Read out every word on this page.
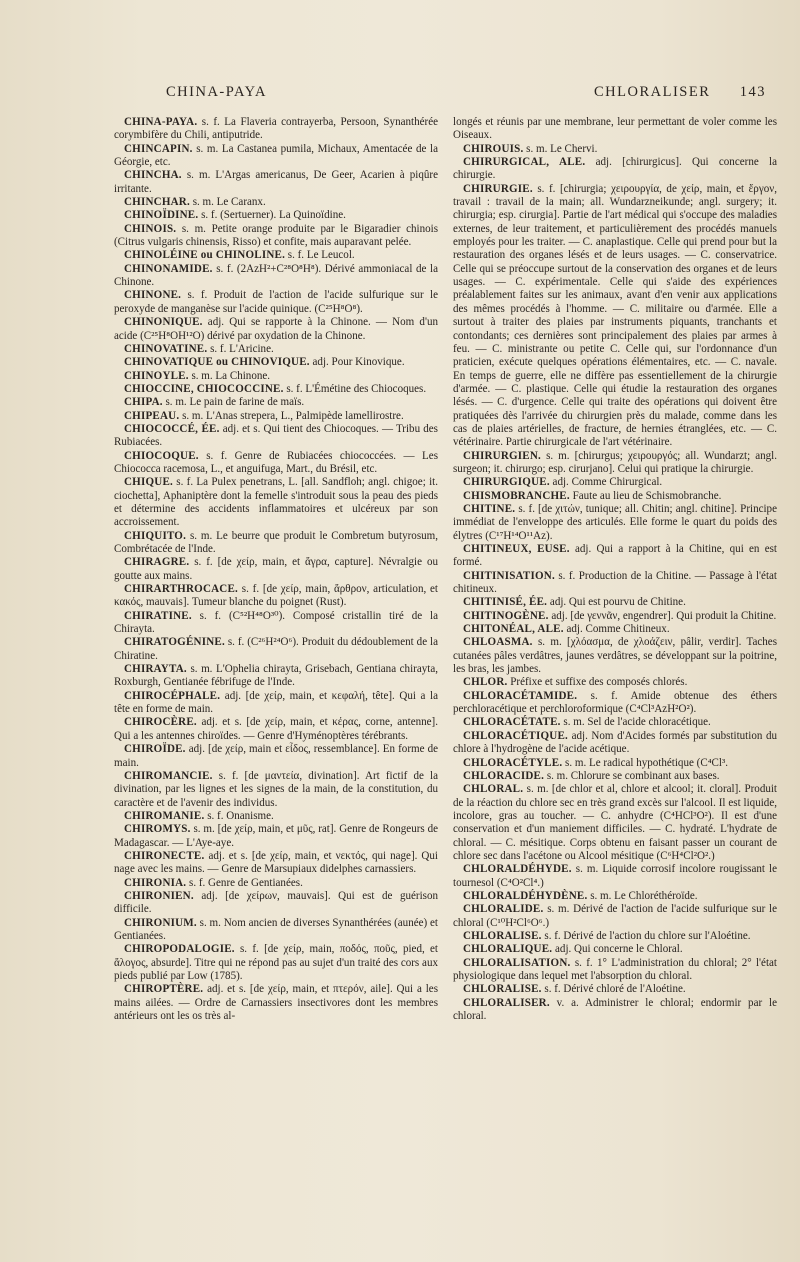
CHINA-PAYA	CHLORALISER 143

CHINA-PAYA. s. f. La Flaveria contrayerba, Persoon, Synanthérée corymbifère du Chili, antiputride.

CHINCAPIN. s. m. La Castanea pumila, Michaux, Amentacée de la Géorgie, etc.

CHINCHA. s. m. L'Argas americanus, De Geer, Acarien à piqûre irritante.

CHINCHAR. s. m. Le Caranx.

CHINOÏDINE. s. f. (Sertuerner). La Quinoïdine.

CHINOIS. s. m. Petite orange produite par le Bigaradier chinois (Citrus vulgaris chinensis, Risso) et confite, mais auparavant pelée.

CHINOLÉINE ou CHINOLINE. s. f. Le Leucol.

CHINONAMIDE. s. f. (2AzH²+C²⁸O⁸H⁸). Dérivé ammoniacal de la Chinone.

CHINONE. s. f. Produit de l'action de l'acide sulfurique sur le peroxyde de manganèse sur l'acide quinique. (C²⁵H⁸O⁸).

CHINONIQUE. adj. Qui se rapporte à la Chinone. — Nom d'un acide (C²⁵H⁸OH¹²O) dérivé par oxydation de la Chinone.

CHINOVATINE. s. f. L'Aricine.

CHINOVATIQUE ou CHINOVIQUE. adj. Pour Kinovique.

CHINOYLE. s. m. La Chinone.

CHIOCCINE, CHIOCOCCINE. s. f. L'Émétine des Chiocoques.

CHIPA. s. m. Le pain de farine de maïs.

CHIPEAU. s. m. L'Anas strepera, L., Palmipède lamellirostre.

CHIOCOCCÉ, ÉE. adj. et s. Qui tient des Chiocoques. — Tribu des Rubiacées.

CHIOCOQUE. s. f. Genre de Rubiacées chiococcées. — Les Chiococca racemosa, L., et anguifuga, Mart., du Brésil, etc.

CHIQUE. s. f. La Pulex penetrans, L. [all. Sandfloh; angl. chigoe; it. ciochetta], Aphaniptère dont la femelle s'introduit sous la peau des pieds et détermine des accidents inflammatoires et ulcéreux par son accroissement.

CHIQUITO. s. m. Le beurre que produit le Combretum butyrosum, Combrétacée de l'Inde.

CHIRAGRE. s. f. [de χείρ, main, et ἄγρα, capture]. Névralgie ou goutte aux mains.

CHIRARTHROCACE. s. f. [de χείρ, main, ἄρθρον, articulation, et κακός, mauvais]. Tumeur blanche du poignet (Rust).

CHIRATINE. s. f. (C⁵²H⁴⁸O³⁰). Composé cristallin tiré de la Chirayta.

CHIRATOGÉNINE. s. f. (C²⁶H²⁴O⁶). Produit du dédoublement de la Chiratine.

CHIRAYTA. s. m. L'Ophelia chirayta, Grisebach, Gentiana chirayta, Roxburgh, Gentianée fébrifuge de l'Inde.

CHIROCÉPHALE. adj. [de χείρ, main, et κεφαλή, tête]. Qui a la tête en forme de main.

CHIROCÈRE. adj. et s. [de χείρ, main, et κέρας, corne, antenne]. Qui a les antennes chiroïdes. — Genre d'Hyménoptères térébrants.

CHIROÏDE. adj. [de χείρ, main et εἶδος, ressemblance]. En forme de main.

CHIROMANCIE. s. f. [de μαντεία, divination]. Art fictif de la divination, par les lignes et les signes de la main, de la constitution, du caractère et de l'avenir des individus.

CHIROMANIE. s. f. Onanisme.

CHIROMYS. s. m. [de χείρ, main, et μῦς, rat]. Genre de Rongeurs de Madagascar. — L'Aye-aye.

CHIRONECTE. adj. et s. [de χείρ, main, et νεκτός, qui nage]. Qui nage avec les mains. — Genre de Marsupiaux didelphes carnassiers.

CHIRONIA. s. f. Genre de Gentianées.

CHIRONIEN. adj. [de χείρων, mauvais]. Qui est de guérison difficile.

CHIRONIUM. s. m. Nom ancien de diverses Synanthérées (aunée) et Gentianées.

CHIROPODALOGIE. s. f. [de χείρ, main, ποδός, ποῦς, pied, et ἄλογος, absurde]. Titre qui ne répond pas au sujet d'un traité des cors aux pieds publié par Low (1785).

CHIROPTÈRE. adj. et s. [de χείρ, main, et πτερόν, aile]. Qui a les mains ailées. — Ordre de Carnassiers insectivores dont les membres antérieurs ont les os très al-

longés et réunis par une membrane, leur permettant de voler comme les Oiseaux.

CHIROUIS. s. m. Le Chervi.

CHIRURGICAL, ALE. adj. [chirurgicus]. Qui concerne la chirurgie.

CHIRURGIE. s. f. [chirurgia; χειρουργία, de χείρ, main, et ἔργον, travail : travail de la main; all. Wundarzneikunde; angl. surgery; it. chirurgia; esp. cirurgia]. Partie de l'art médical qui s'occupe des maladies externes, de leur traitement, et particulièrement des procédés manuels employés pour les traiter. — C. anaplastique. Celle qui prend pour but la restauration des organes lésés et de leurs usages. — C. conservatrice. Celle qui se préoccupe surtout de la conservation des organes et de leurs usages. — C. expérimentale. Celle qui s'aide des expériences préalablement faites sur les animaux, avant d'en venir aux applications des mêmes procédés à l'homme. — C. militaire ou d'armée. Elle a surtout à traiter des plaies par instruments piquants, tranchants et contondants; ces dernières sont principalement des plaies par armes à feu. — C. ministrante ou petite C. Celle qui, sur l'ordonnance d'un praticien, exécute quelques opérations élémentaires, etc. — C. navale. En temps de guerre, elle ne diffère pas essentiellement de la chirurgie d'armée. — C. plastique. Celle qui étudie la restauration des organes lésés. — C. d'urgence. Celle qui traite des opérations qui doivent être pratiquées dès l'arrivée du chirurgien près du malade, comme dans les cas de plaies artérielles, de fracture, de hernies étranglées, etc. — C. vétérinaire. Partie chirurgicale de l'art vétérinaire.

CHIRURGIEN. s. m. [chirurgus; χειρουργός; all. Wundarzt; angl. surgeon; it. chirurgo; esp. cirurjano]. Celui qui pratique la chirurgie.

CHIRURGIQUE. adj. Comme Chirurgical.

CHISMOBRANCHE. Faute au lieu de Schismobranche.

CHITINE. s. f. [de χιτών, tunique; all. Chitin; angl. chitine]. Principe immédiat de l'enveloppe des articulés. Elle forme le quart du poids des élytres (C¹⁷H¹⁴O¹¹Az).

CHITINEUX, EUSE. adj. Qui a rapport à la Chitine, qui en est formé.

CHITINISATION. s. f. Production de la Chitine. — Passage à l'état chitineux.

CHITINISÉ, ÉE. adj. Qui est pourvu de Chitine.

CHITINOGÈNE. adj. [de γεννᾶν, engendrer]. Qui produit la Chitine.

CHITONÉAL, ALE. adj. Comme Chitineux.

CHLOASMA. s. m. [χλόασμα, de χλοάζειν, pâlir, verdir]. Taches cutanées pâles verdâtres, jaunes verdâtres, se développant sur la poitrine, les bras, les jambes.

CHLOR. Préfixe et suffixe des composés chlorés.

CHLORACÉTAMIDE. s. f. Amide obtenue des éthers perchloracétique et perchloroformique (C⁴Cl³AzH²O²).

CHLORACÉTATE. s. m. Sel de l'acide chloracétique.

CHLORACÉTIQUE. adj. Nom d'Acides formés par substitution du chlore à l'hydrogène de l'acide acétique.

CHLORACÉTYLE. s. m. Le radical hypothétique (C⁴Cl³.

CHLORACIDE. s. m. Chlorure se combinant aux bases.

CHLORAL. s. m. [de chlor et al, chlore et alcool; it. cloral]. Produit de la réaction du chlore sec en très grand excès sur l'alcool. Il est liquide, incolore, gras au toucher. — C. anhydre (C⁴HCl³O²). Il est d'une conservation et d'un maniement difficiles. — C. hydraté. L'hydrate de chloral. — C. mésitique. Corps obtenu en faisant passer un courant de chlore sec dans l'acétone ou Alcool mésitique (C⁶H⁴Cl²O².)

CHLORALDÉHYDE. s. m. Liquide corrosif incolore rougissant le tournesol (C⁴O²Cl⁴.)

CHLORALDÉHYDÈNE. s. m. Le Chloréthéroïde.

CHLORALIDE. s. m. Dérivé de l'action de l'acide sulfurique sur le chloral (C¹⁰H²Cl⁶O⁶.)

CHLORALISE. s. f. Dérivé de l'action du chlore sur l'Aloétine.

CHLORALIQUE. adj. Qui concerne le Chloral.

CHLORALISATION. s. f. 1° L'administration du chloral; 2° l'état physiologique dans lequel met l'absorption du chloral.

CHLORALISE. s. f. Dérivé chloré de l'Aloétine.

CHLORALISER. v. a. Administrer le chloral; endormir par le chloral.
